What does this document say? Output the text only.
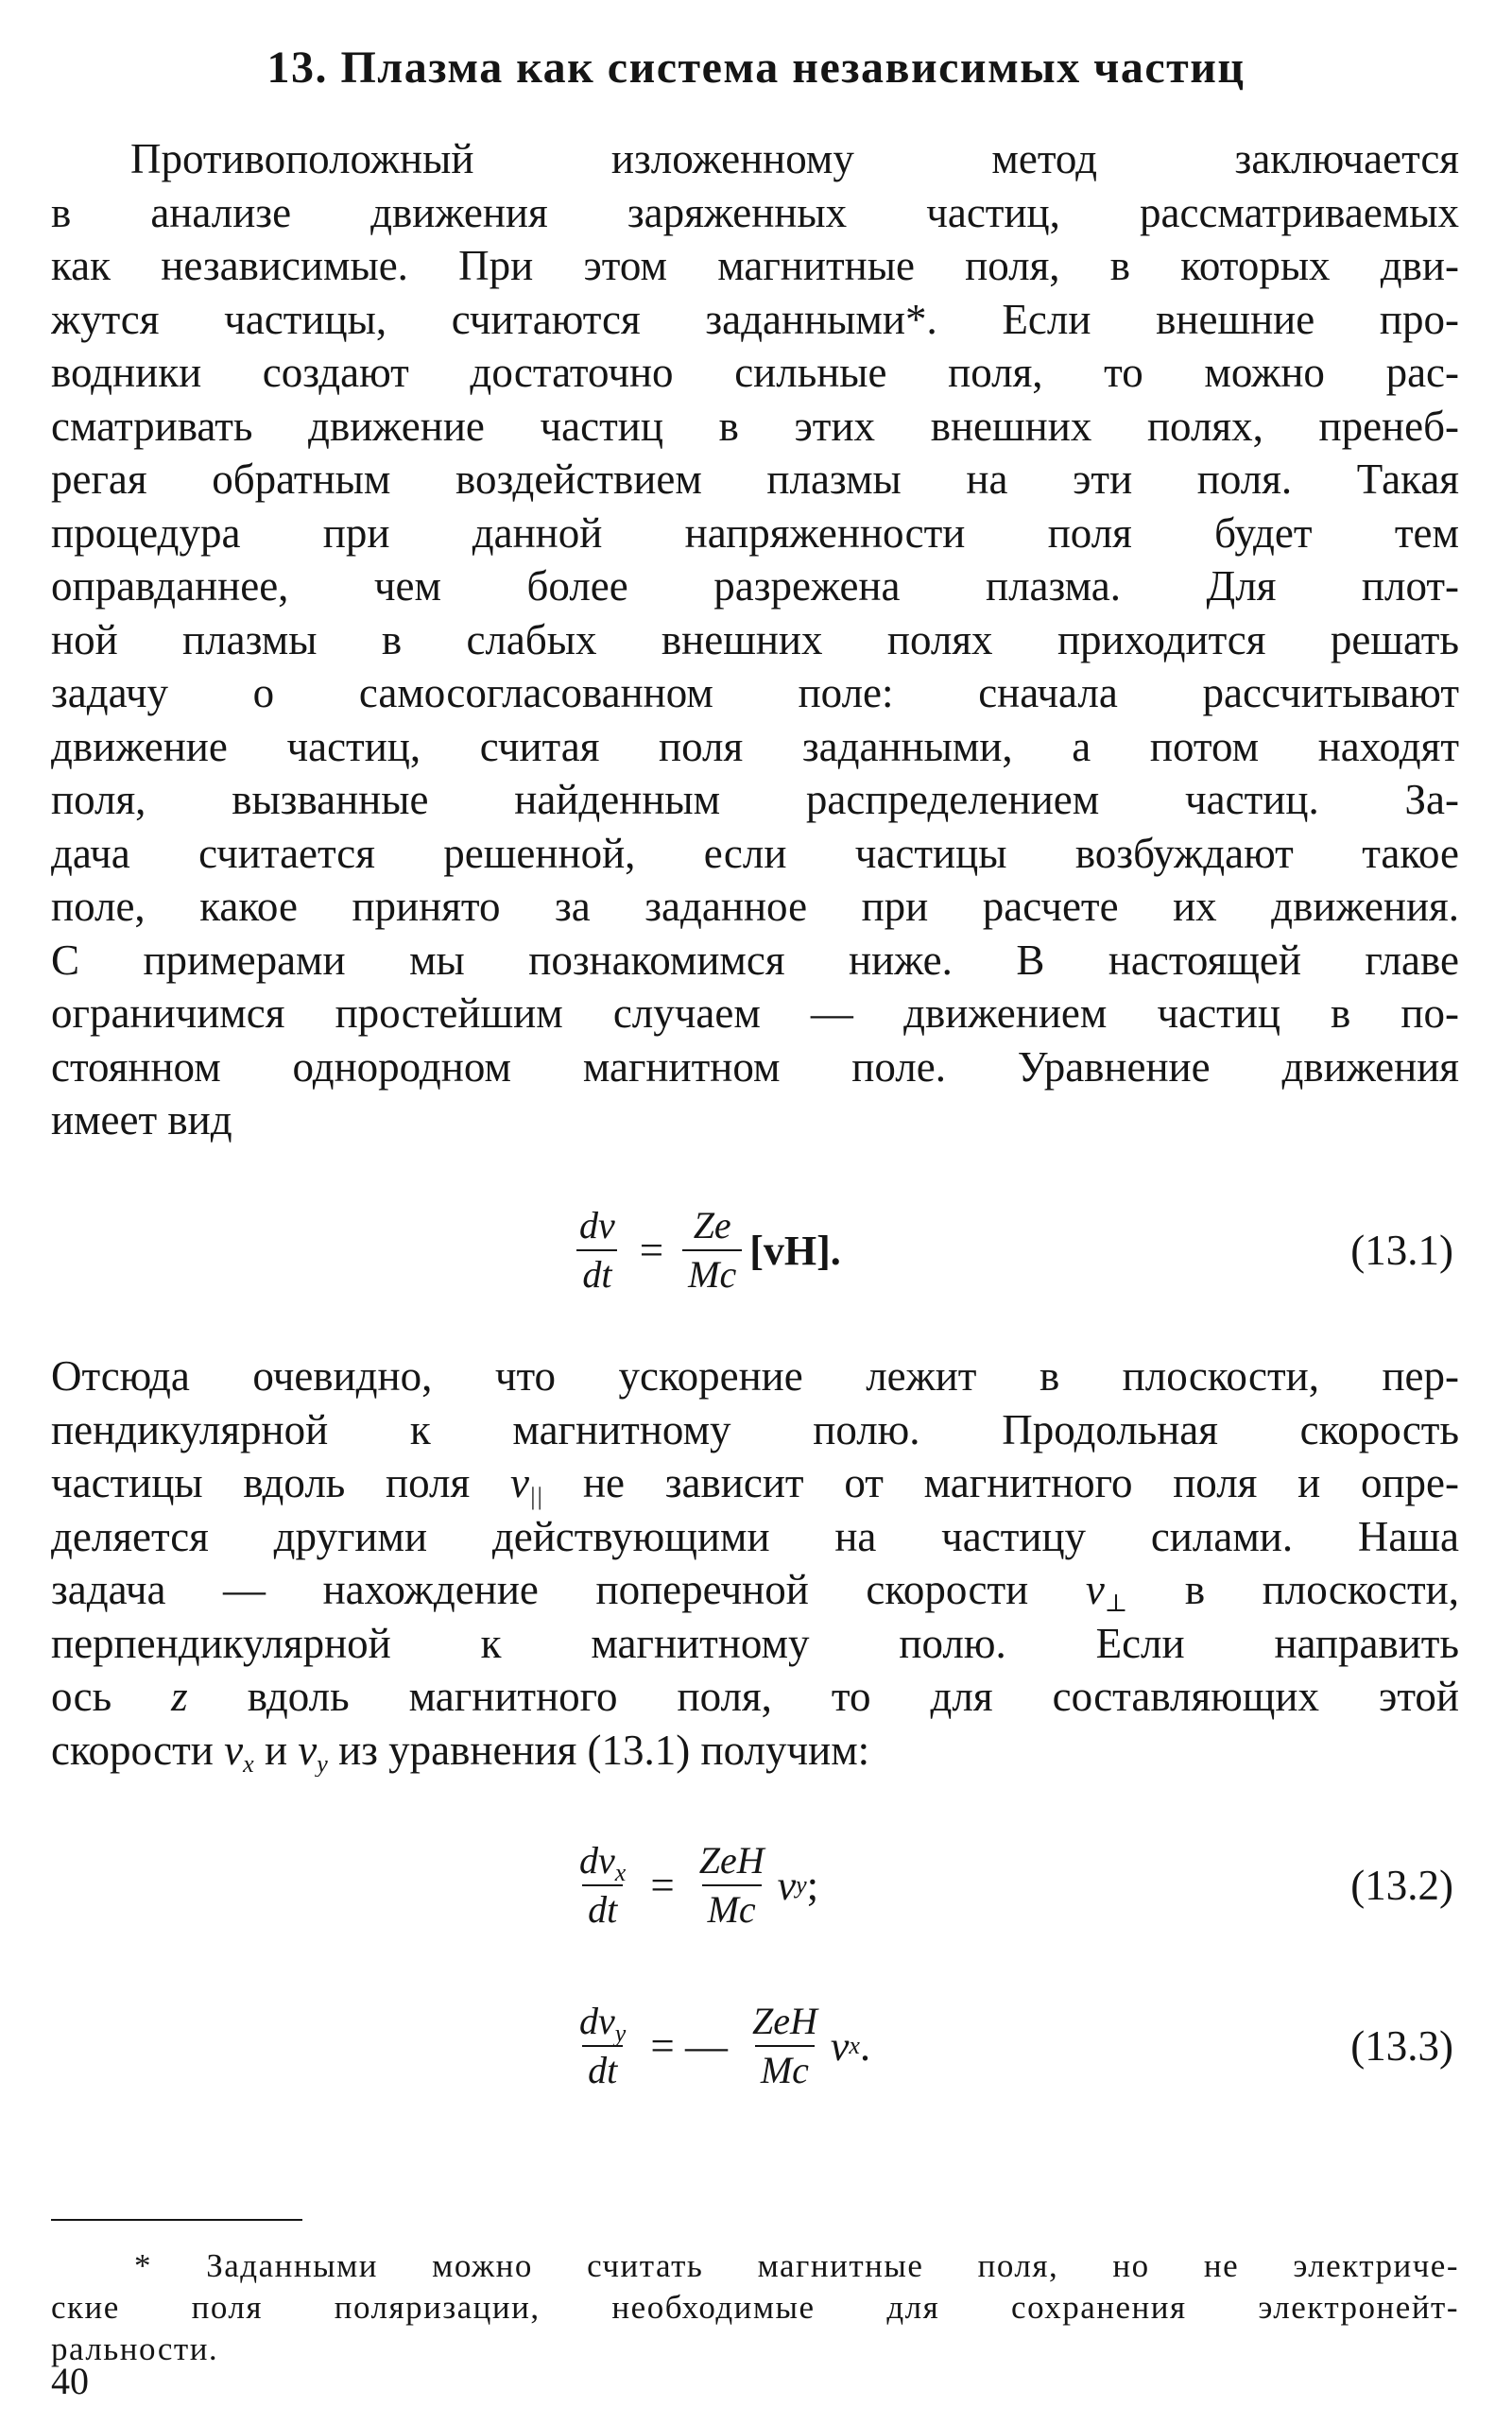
13. Плазма как система независимых частиц
Противоположный изложенному метод заключается
в анализе движения заряженных частиц, рассматриваемых
как независимые. При этом магнитные поля, в которых дви-
жутся частицы, считаются заданными*. Если внешние про-
водники создают достаточно сильные поля, то можно рас-
сматривать движение частиц в этих внешних полях, пренеб-
регая обратным воздействием плазмы на эти поля. Такая
процедура при данной напряженности поля будет тем
оправданнее, чем более разрежена плазма. Для плот-
ной плазмы в слабых внешних полях приходится решать
задачу о самосогласованном поле: сначала рассчитывают
движение частиц, считая поля заданными, а потом находят
поля, вызванные найденным распределением частиц. За-
дача считается решенной, если частицы возбуждают такое
поле, какое принято за заданное при расчете их движения.
С примерами мы познакомимся ниже. В настоящей главе
ограничимся простейшим случаем — движением частиц в по-
стоянном однородном магнитном поле. Уравнение движения
имеет вид
$\frac{dv}{dt} = \frac{Ze}{Mc} [vH]$.	(13.1)
Отсюда очевидно, что ускорение лежит в плоскости, пер-
пендикулярной к магнитному полю. Продольная скорость
частицы вдоль поля $v_{||}$ не зависит от магнитного поля и опре-
деляется другими действующими на частицу силами. Наша
задача — нахождение поперечной скорости $v_\perp$ в плоскости,
перпендикулярной к магнитному полю. Если направить
ось z вдоль магнитного поля, то для составляющих этой
скорости $v_x$ и $v_y$ из уравнения (13.1) получим:
$\frac{dv_x}{dt} = \frac{\text{ZeH}}{Mc}$ v y ;	(13.2)
$\frac{dv_y}{dt}$ = — $\frac{\text{ZeH}}{Mc}$ v x .	(13.3)
* Заданными можно считать магнитные поля, но не электриче-
ские поля поляризации, необходимые для сохранения электронейт-
ральности.
40
